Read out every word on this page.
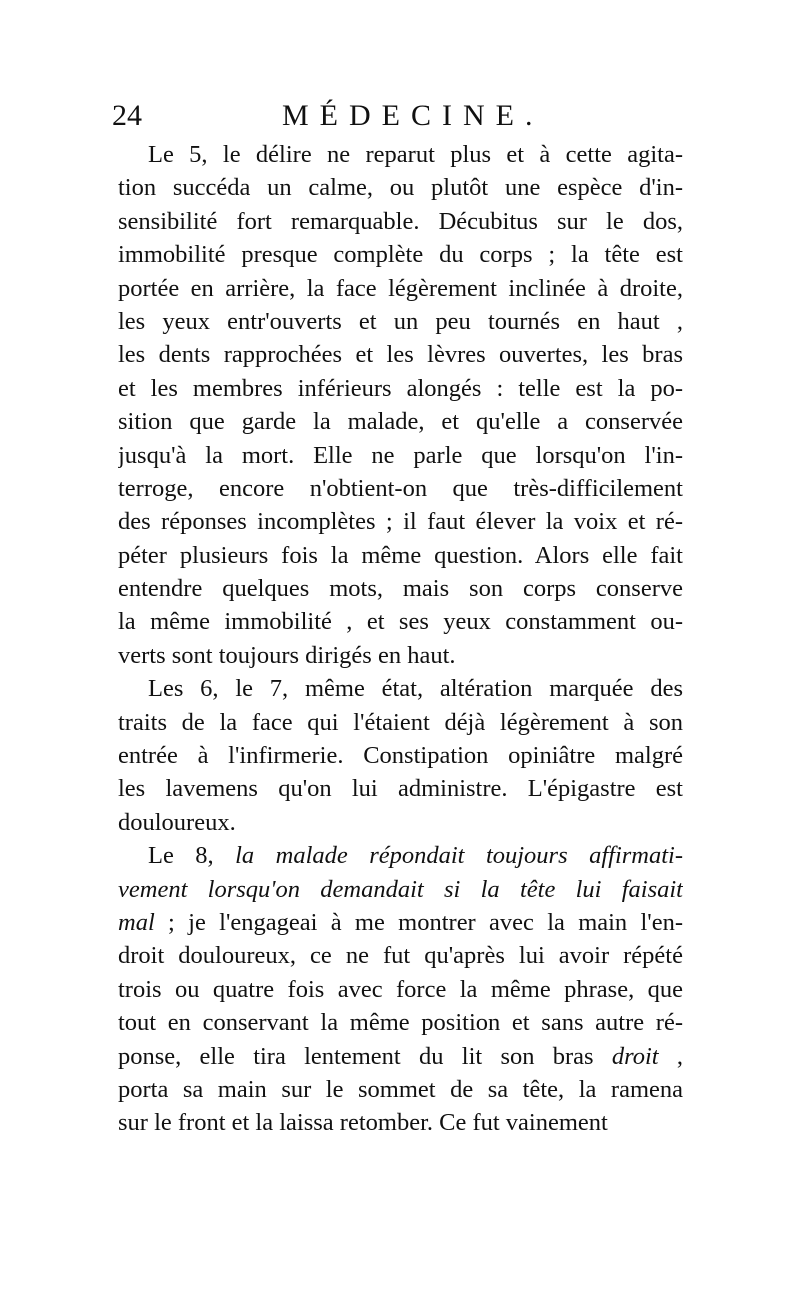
24	MÉDECINE.
Le 5, le délire ne reparut plus et à cette agita-
tion succéda un calme, ou plutôt une espèce d'in-
sensibilité fort remarquable. Décubitus sur le dos,
immobilité presque complète du corps ; la tête est
portée en arrière, la face légèrement inclinée à droite,
les yeux entr'ouverts et un peu tournés en haut ,
les dents rapprochées et les lèvres ouvertes, les bras
et les membres inférieurs alongés : telle est la po-
sition que garde la malade, et qu'elle a conservée
jusqu'à la mort. Elle ne parle que lorsqu'on l'in-
terroge, encore n'obtient-on que très-difficilement
des réponses incomplètes ; il faut élever la voix et ré-
péter plusieurs fois la même question. Alors elle fait
entendre quelques mots, mais son corps conserve
la même immobilité , et ses yeux constamment ou-
verts sont toujours dirigés en haut.
Les 6, le 7, même état, altération marquée des
traits de la face qui l'étaient déjà légèrement à son
entrée à l'infirmerie. Constipation opiniâtre malgré
les lavemens qu'on lui administre. L'épigastre est
douloureux.
Le 8, la malade répondait toujours affirmati-
vement lorsqu'on demandait si la tête lui faisait
mal ; je l'engageai à me montrer avec la main l'en-
droit douloureux, ce ne fut qu'après lui avoir répété
trois ou quatre fois avec force la même phrase, que
tout en conservant la même position et sans autre ré-
ponse, elle tira lentement du lit son bras droit ,
porta sa main sur le sommet de sa tête, la ramena
sur le front et la laissa retomber. Ce fut vainement
